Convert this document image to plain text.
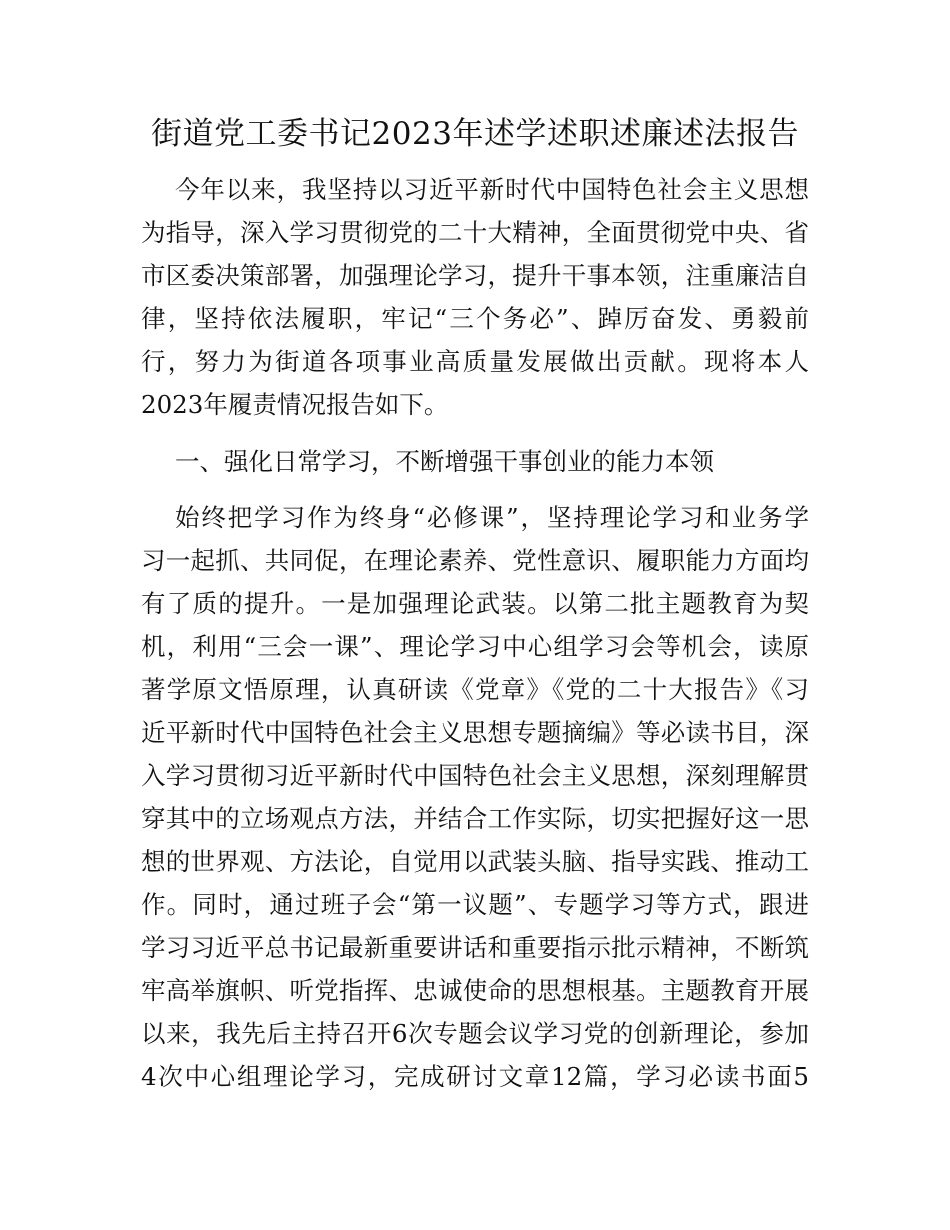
街道党工委书记2023年述学述职述廉述法报告
今年以来，我坚持以习近平新时代中国特色社会主义思想
为指导，深入学习贯彻党的二十大精神，全面贯彻党中央、省
市区委决策部署，加强理论学习，提升干事本领，注重廉洁自
律，坚持依法履职，牢记“三个务必”、踔厉奋发、勇毅前
行，努力为街道各项事业高质量发展做出贡献。现将本人
2023年履责情况报告如下。
一、强化日常学习，不断增强干事创业的能力本领
始终把学习作为终身“必修课”，坚持理论学习和业务学
习一起抓、共同促，在理论素养、党性意识、履职能力方面均
有了质的提升。一是加强理论武装。以第二批主题教育为契
机，利用“三会一课”、理论学习中心组学习会等机会，读原
著学原文悟原理，认真研读《党章》《党的二十大报告》《习
近平新时代中国特色社会主义思想专题摘编》等必读书目，深
入学习贯彻习近平新时代中国特色社会主义思想，深刻理解贯
穿其中的立场观点方法，并结合工作实际，切实把握好这一思
想的世界观、方法论，自觉用以武装头脑、指导实践、推动工
作。同时，通过班子会“第一议题”、专题学习等方式，跟进
学习习近平总书记最新重要讲话和重要指示批示精神，不断筑
牢高举旗帜、听党指挥、忠诚使命的思想根基。主题教育开展
以来，我先后主持召开6次专题会议学习党的创新理论，参加
4次中心组理论学习，完成研讨文章12篇，学习必读书面5
